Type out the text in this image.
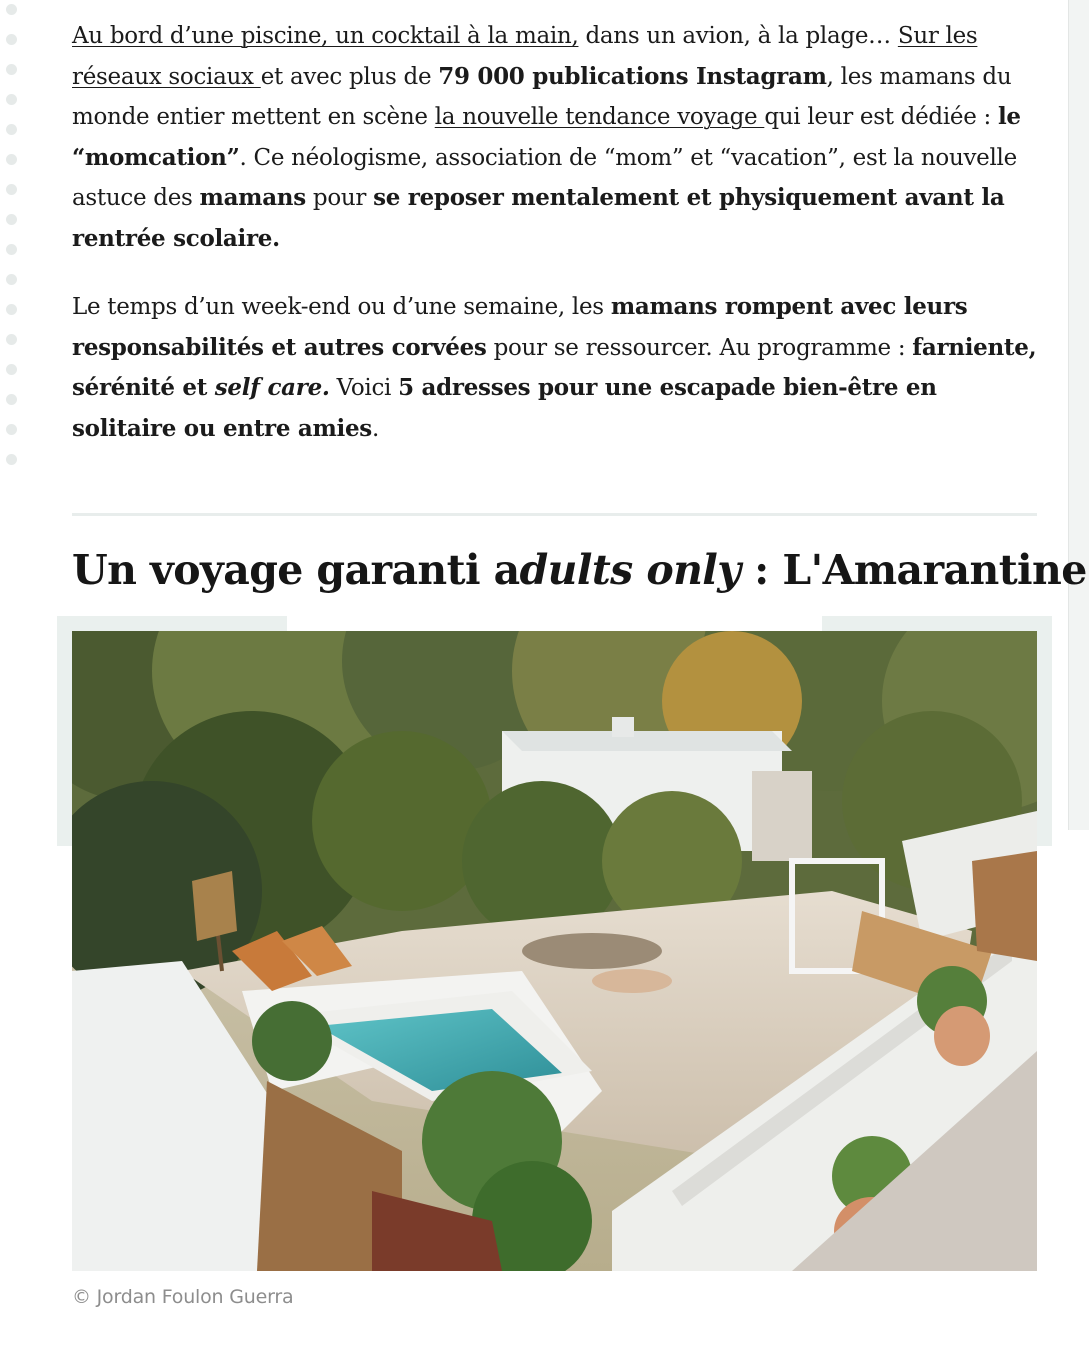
Au bord d’une piscine, un cocktail à la main, dans un avion, à la plage… Sur les réseaux sociaux et avec plus de 79 000 publications Instagram, les mamans du monde entier mettent en scène la nouvelle tendance voyage qui leur est dédiée : le “momcation”. Ce néologisme, association de “mom” et “vacation”, est la nouvelle astuce des mamans pour se reposer mentalement et physiquement avant la rentrée scolaire.

Le temps d’un week-end ou d’une semaine, les mamans rompent avec leurs responsabilités et autres corvées pour se ressourcer. Au programme : farniente, sérénité et self care. Voici 5 adresses pour une escapade bien-être en solitaire ou entre amies.

Un voyage garanti adults only : L'Amarantine
© Jordan Foulon Guerra
